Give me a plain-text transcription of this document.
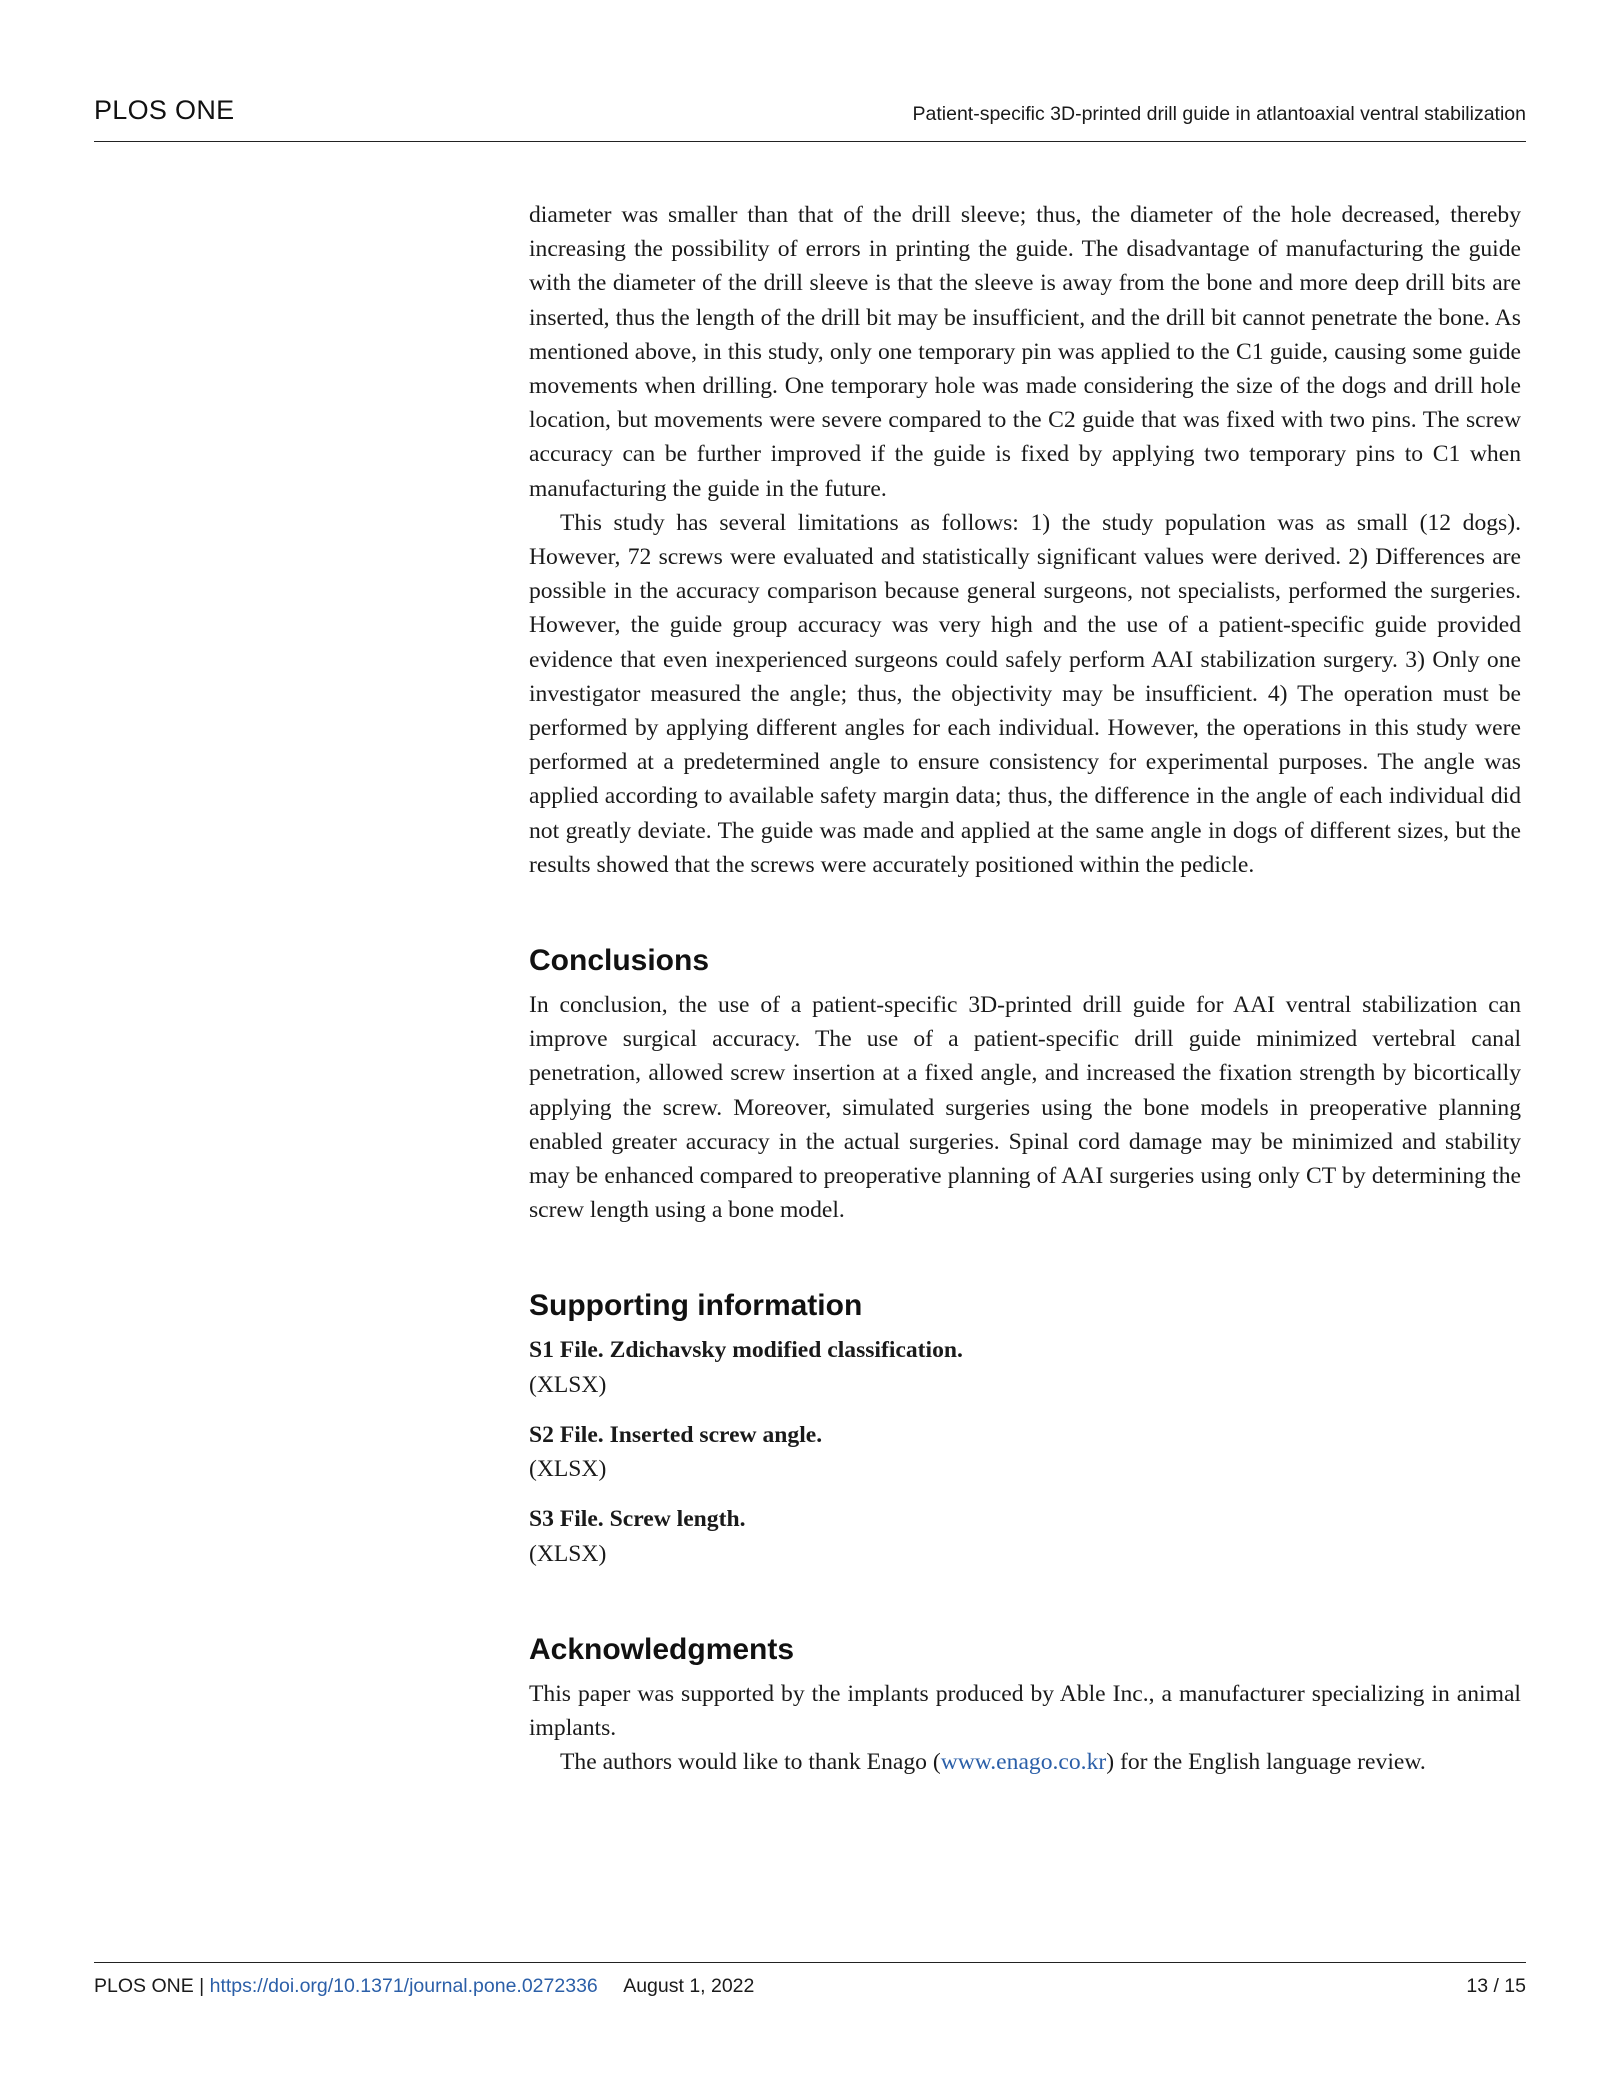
PLOS ONE	Patient-specific 3D-printed drill guide in atlantoaxial ventral stabilization

diameter was smaller than that of the drill sleeve; thus, the diameter of the hole decreased, thereby increasing the possibility of errors in printing the guide. The disadvantage of manufacturing the guide with the diameter of the drill sleeve is that the sleeve is away from the bone and more deep drill bits are inserted, thus the length of the drill bit may be insufficient, and the drill bit cannot penetrate the bone. As mentioned above, in this study, only one temporary pin was applied to the C1 guide, causing some guide movements when drilling. One temporary hole was made considering the size of the dogs and drill hole location, but movements were severe compared to the C2 guide that was fixed with two pins. The screw accuracy can be further improved if the guide is fixed by applying two temporary pins to C1 when manufacturing the guide in the future.

This study has several limitations as follows: 1) the study population was as small (12 dogs). However, 72 screws were evaluated and statistically significant values were derived. 2) Differences are possible in the accuracy comparison because general surgeons, not specialists, performed the surgeries. However, the guide group accuracy was very high and the use of a patient-specific guide provided evidence that even inexperienced surgeons could safely perform AAI stabilization surgery. 3) Only one investigator measured the angle; thus, the objectivity may be insufficient. 4) The operation must be performed by applying different angles for each individual. However, the operations in this study were performed at a predetermined angle to ensure consistency for experimental purposes. The angle was applied according to available safety margin data; thus, the difference in the angle of each individual did not greatly deviate. The guide was made and applied at the same angle in dogs of different sizes, but the results showed that the screws were accurately positioned within the pedicle.

Conclusions

In conclusion, the use of a patient-specific 3D-printed drill guide for AAI ventral stabilization can improve surgical accuracy. The use of a patient-specific drill guide minimized vertebral canal penetration, allowed screw insertion at a fixed angle, and increased the fixation strength by bicortically applying the screw. Moreover, simulated surgeries using the bone models in preoperative planning enabled greater accuracy in the actual surgeries. Spinal cord damage may be minimized and stability may be enhanced compared to preoperative planning of AAI surgeries using only CT by determining the screw length using a bone model.

Supporting information
S1 File. Zdichavsky modified classification.
(XLSX)
S2 File. Inserted screw angle.
(XLSX)
S3 File. Screw length.
(XLSX)
Acknowledgments

This paper was supported by the implants produced by Able Inc., a manufacturer specializing in animal implants.

The authors would like to thank Enago (www.enago.co.kr) for the English language review.

PLOS ONE | https://doi.org/10.1371/journal.pone.0272336 August 1, 2022	13 / 15
